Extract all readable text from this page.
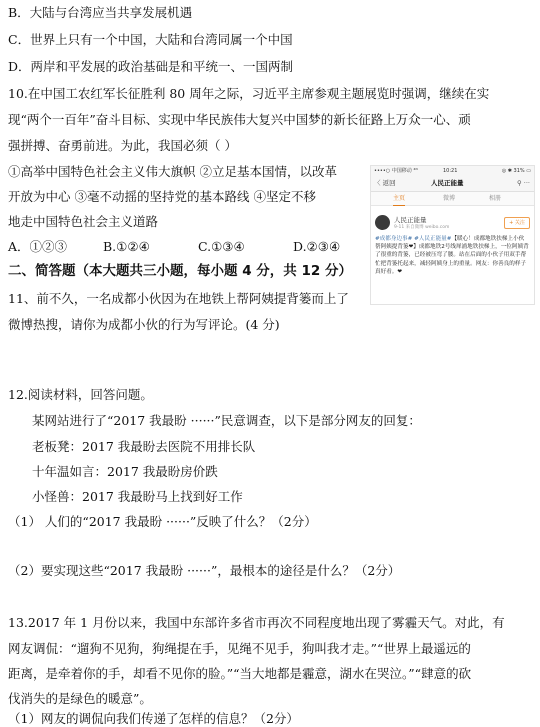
B．大陆与台湾应当共享发展机遇
C．世界上只有一个中国，大陆和台湾同属一个中国
D．两岸和平发展的政治基础是和平统一、一国两制
10.在中国工农红军长征胜利 80 周年之际，习近平主席参观主题展览时强调，继续在实
现“两个一百年”奋斗目标、实现中华民族伟大复兴中国梦的新长征路上万众一心、顽
强拼搏、奋勇前进。为此，我国必须（ ）
①高举中国特色社会主义伟大旗帜 ②立足基本国情，以改革
开放为中心 ③毫不动摇的坚持党的基本路线 ④坚定不移
地走中国特色社会主义道路
A．①②③	B.①②④	C.①③④	D.②③④
二、简答题（本大题共三小题，每小题 4 分，共 12 分）
11、前不久，一名成都小伙因为在地铁上帮阿姨提背篓而上了
微博热搜，请你为成都小伙的行为写评论。(4 分)
12.阅读材料，回答问题。
某网站进行了“2017 我最盼 ······”民意调查，以下是部分网友的回复：
老板凳：2017 我最盼去医院不用排长队
十年温如言：2017 我最盼房价跌
小怪兽：2017 我最盼马上找到好工作
（1） 人们的“2017 我最盼 ······”反映了什么？（2分）
（2）要实现这些“2017 我最盼 ······”，最根本的途径是什么？（2分）
13.2017 年 1 月份以来，我国中东部许多省市再次不同程度地出现了雾霾天气。对此，有
网友调侃：“遛狗不见狗，狗绳提在手，见绳不见手，狗叫我才走。”“世界上最遥远的
距离，是牵着你的手，却看不见你的脸。”“当大地都是霾意，湖水在哭泣。”“肆意的砍
伐消失的是绿色的暖意”。
（1）网友的调侃向我们传递了怎样的信息？（2分）
••••○ 中国移动 ⁴ᴳ	10:21	◎ ✱ 31% ▭
〈 返回	人民正能量	⚲ ···
主页	微博	相册
人民正能量
9-11 来自微博 weibo.com
+ 关注
#成都身边事# #人民正能量#【暖心！成都地铁扶梯上小伙帮阿姨提背篓❤】成都地铁2号线犀浦地铁扶梯上，一位阿姨背了很重的背篓，已经被压弯了腰。站在后面的小伙子用双手帮忙把背篓托起来，减轻阿姨身上的重量。网友：你善良的样子真好看。❤
